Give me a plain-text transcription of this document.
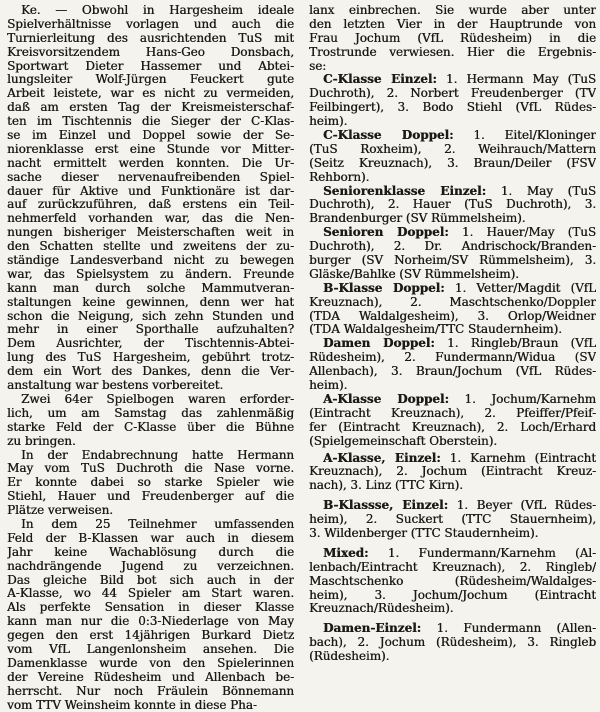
Ke. — Obwohl in Hargesheim ideale
Spielverhältnisse vorlagen und auch die
Turnierleitung des ausrichtenden TuS mit
Kreisvorsitzendem Hans-Geo Donsbach,
Sportwart Dieter Hassemer und Abtei-
lungsleiter Wolf-Jürgen Feuckert gute
Arbeit leistete, war es nicht zu vermeiden,
daß am ersten Tag der Kreismeisterschaf-
ten im Tischtennis die Sieger der C-Klas-
se im Einzel und Doppel sowie der Se-
niorenklasse erst eine Stunde vor Mitter-
nacht ermittelt werden konnten. Die Ur-
sache dieser nervenaufreibenden Spiel-
dauer für Aktive und Funktionäre ist dar-
auf zurückzuführen, daß erstens ein Teil-
nehmerfeld vorhanden war, das die Nen-
nungen bisheriger Meisterschaften weit in
den Schatten stellte und zweitens der zu-
ständige Landesverband nicht zu bewegen
war, das Spielsystem zu ändern. Freunde
kann man durch solche Mammutveran-
staltungen keine gewinnen, denn wer hat
schon die Neigung, sich zehn Stunden und
mehr in einer Sporthalle aufzuhalten?
Dem Ausrichter, der Tischtennis-Abtei-
lung des TuS Hargesheim, gebührt trotz-
dem ein Wort des Dankes, denn die Ver-
anstaltung war bestens vorbereitet.
Zwei 64er Spielbogen waren erforder-
lich, um am Samstag das zahlenmäßig
starke Feld der C-Klasse über die Bühne
zu bringen.
In der Endabrechnung hatte Hermann
May vom TuS Duchroth die Nase vorne.
Er konnte dabei so starke Spieler wie
Stiehl, Hauer und Freudenberger auf die
Plätze verweisen.
In dem 25 Teilnehmer umfassenden
Feld der B-Klassen war auch in diesem
Jahr keine Wachablösung durch die
nachdrängende Jugend zu verzeichnen.
Das gleiche Bild bot sich auch in der
A-Klasse, wo 44 Spieler am Start waren.
Als perfekte Sensation in dieser Klasse
kann man nur die 0:3-Niederlage von May
gegen den erst 14jährigen Burkard Dietz
vom VfL Langenlonsheim ansehen. Die
Damenklasse wurde von den Spielerinnen
der Vereine Rüdesheim und Allenbach be-
herrscht. Nur noch Fräulein Bönnemann
vom TTV Weinsheim konnte in diese Pha-
lanx einbrechen. Sie wurde aber unter
den letzten Vier in der Hauptrunde von
Frau Jochum (VfL Rüdesheim) in die
Trostrunde verwiesen. Hier die Ergebnis-
se:
C-Klasse Einzel: 1. Hermann May (TuS
Duchroth), 2. Norbert Freudenberger (TV
Feilbingert), 3. Bodo Stiehl (VfL Rüdes-
heim).
C-Klasse Doppel: 1. Eitel/Kloninger
(TuS Roxheim), 2. Weihrauch/Mattern
(Seitz Kreuznach), 3. Braun/Deiler (FSV
Rehborn).
Seniorenklasse Einzel: 1. May (TuS
Duchroth), 2. Hauer (TuS Duchroth), 3.
Brandenburger (SV Rümmelsheim).
Senioren Doppel: 1. Hauer/May (TuS
Duchroth), 2. Dr. Andrischock/Branden-
burger (SV Norheim/SV Rümmelsheim), 3.
Gläske/Bahlke (SV Rümmelsheim).
B-Klasse Doppel: 1. Vetter/Magdit (VfL
Kreuznach), 2. Maschtschenko/Doppler
(TDA Waldalgesheim), 3. Orlop/Weidner
(TDA Waldalgesheim/TTC Staudernheim).
Damen Doppel: 1. Ringleb/Braun (VfL
Rüdesheim), 2. Fundermann/Widua (SV
Allenbach), 3. Braun/Jochum (VfL Rüdes-
heim).
A-Klasse Doppel: 1. Jochum/Karnehm
(Eintracht Kreuznach), 2. Pfeiffer/Pfeif-
fer (Eintracht Kreuznach), 2. Loch/Erhard
(Spielgemeinschaft Oberstein).
A-Klasse, Einzel: 1. Karnehm (Eintracht
Kreuznach), 2. Jochum (Eintracht Kreuz-
nach), 3. Linz (TTC Kirn).
B-Klassse, Einzel: 1. Beyer (VfL Rüdes-
heim), 2. Suckert (TTC Stauernheim),
3. Wildenberger (TTC Staudernheim).
Mixed: 1. Fundermann/Karnehm (Al-
lenbach/Eintracht Kreuznach), 2. Ringleb/
Maschtschenko (Rüdesheim/Waldalges-
heim), 3. Jochum/Jochum (Eintracht
Kreuznach/Rüdesheim).
Damen-Einzel: 1. Fundermann (Allen-
bach), 2. Jochum (Rüdesheim), 3. Ringleb
(Rüdesheim).
